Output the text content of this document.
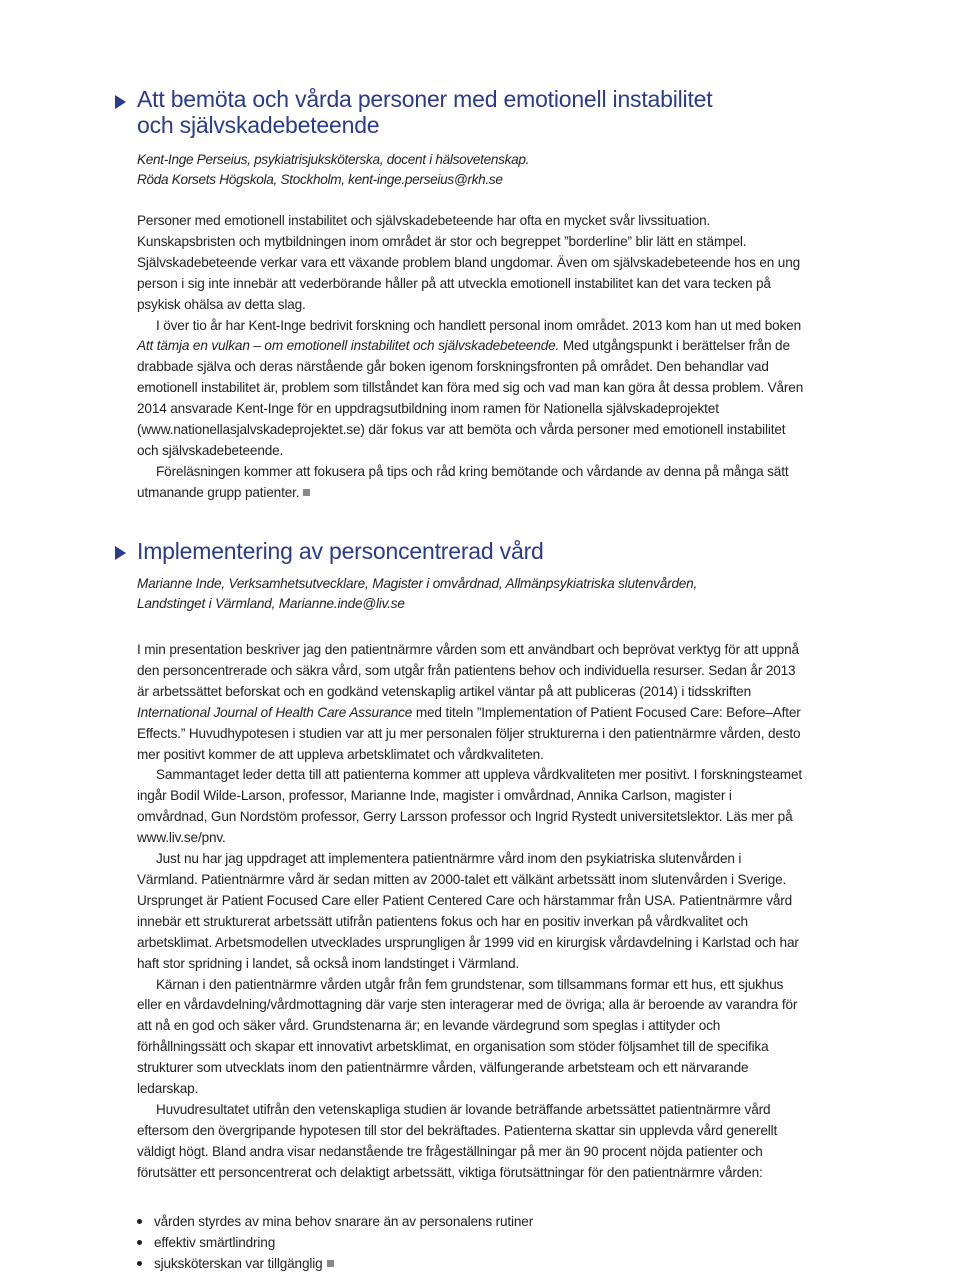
Att bemöta och vårda personer med emotionell instabilitet
och självskadebeteende

Kent-Inge Perseius, psykiatrisjuksköterska, docent i hälsovetenskap.
Röda Korsets Högskola, Stockholm, kent-inge.perseius@rkh.se

Personer med emotionell instabilitet och självskadebeteende har ofta en mycket svår livssituation. Kunskapsbristen och mytbildningen inom området är stor och begreppet ”borderline” blir lätt en stämpel. Självskadebeteende verkar vara ett växande problem bland ungdomar. Även om självskadebeteende hos en ung person i sig inte innebär att vederbörande håller på att utveckla emotionell instabilitet kan det vara tecken på psykisk ohälsa av detta slag.

I över tio år har Kent-Inge bedrivit forskning och handlett personal inom området. 2013 kom han ut med boken Att tämja en vulkan – om emotionell instabilitet och självskadebeteende. Med utgångspunkt i berättelser från de drabbade själva och deras närstående går boken igenom forskningsfronten på området. Den behandlar vad emotionell instabilitet är, problem som tillståndet kan föra med sig och vad man kan göra åt dessa problem. Våren 2014 ansvarade Kent-Inge för en uppdragsutbildning inom ramen för Nationella självskadeprojektet (www.nationellasjalvskadeprojektet.se) där fokus var att bemöta och vårda personer med emotionell instabilitet och självskadebeteende.

Föreläsningen kommer att fokusera på tips och råd kring bemötande och vårdande av denna på många sätt utmanande grupp patienter.

Implementering av personcentrerad vård

Marianne Inde, Verksamhetsutvecklare, Magister i omvårdnad, Allmänpsykiatriska slutenvården,
Landstinget i Värmland, Marianne.inde@liv.se

I min presentation beskriver jag den patientnärmre vården som ett användbart och beprövat verktyg för att uppnå den personcentrerade och säkra vård, som utgår från patientens behov och individuella resurser. Sedan år 2013 är arbetssättet beforskat och en godkänd vetenskaplig artikel väntar på att publiceras (2014) i tidsskriften International Journal of Health Care Assurance med titeln ”Implementation of Patient Focused Care: Before–After Effects.” Huvudhypotesen i studien var att ju mer personalen följer strukturerna i den patientnärmre vården, desto mer positivt kommer de att uppleva arbetsklimatet och vårdkvaliteten.

Sammantaget leder detta till att patienterna kommer att uppleva vårdkvaliteten mer positivt. I forskningsteamet ingår Bodil Wilde-Larson, professor, Marianne Inde, magister i omvårdnad, Annika Carlson, magister i omvårdnad, Gun Nordstöm professor, Gerry Larsson professor och Ingrid Rystedt universitetslektor. Läs mer på www.liv.se/pnv.

Just nu har jag uppdraget att implementera patientnärmre vård inom den psykiatriska slutenvården i Värmland. Patientnärmre vård är sedan mitten av 2000-talet ett välkänt arbetssätt inom slutenvården i Sverige. Ursprunget är Patient Focused Care eller Patient Centered Care och härstammar från USA. Patientnärmre vård innebär ett strukturerat arbetssätt utifrån patientens fokus och har en positiv inverkan på vårdkvalitet och arbetsklimat. Arbetsmodellen utvecklades ursprungligen år 1999 vid en kirurgisk vårdavdelning i Karlstad och har haft stor spridning i landet, så också inom landstinget i Värmland.

Kärnan i den patientnärmre vården utgår från fem grundstenar, som tillsammans formar ett hus, ett sjukhus eller en vårdavdelning/vårdmottagning där varje sten interagerar med de övriga; alla är beroende av varandra för att nå en god och säker vård. Grundstenarna är; en levande värdegrund som speglas i attityder och förhållningssätt och skapar ett innovativt arbetsklimat, en organisation som stöder följsamhet till de specifika strukturer som utvecklats inom den patientnärmre vården, välfungerande arbetsteam och ett närvarande ledarskap.

Huvudresultatet utifrån den vetenskapliga studien är lovande beträffande arbetssättet patientnärmre vård eftersom den övergripande hypotesen till stor del bekräftades. Patienterna skattar sin upplevda vård generellt väldigt högt. Bland andra visar nedanstående tre frågeställningar på mer än 90 procent nöjda patienter och förutsätter ett personcentrerat och delaktigt arbetssätt, viktiga förutsättningar för den patientnärmre vården:

vården styrdes av mina behov snarare än av personalens rutiner
effektiv smärtlindring
sjuksköterskan var tillgänglig
